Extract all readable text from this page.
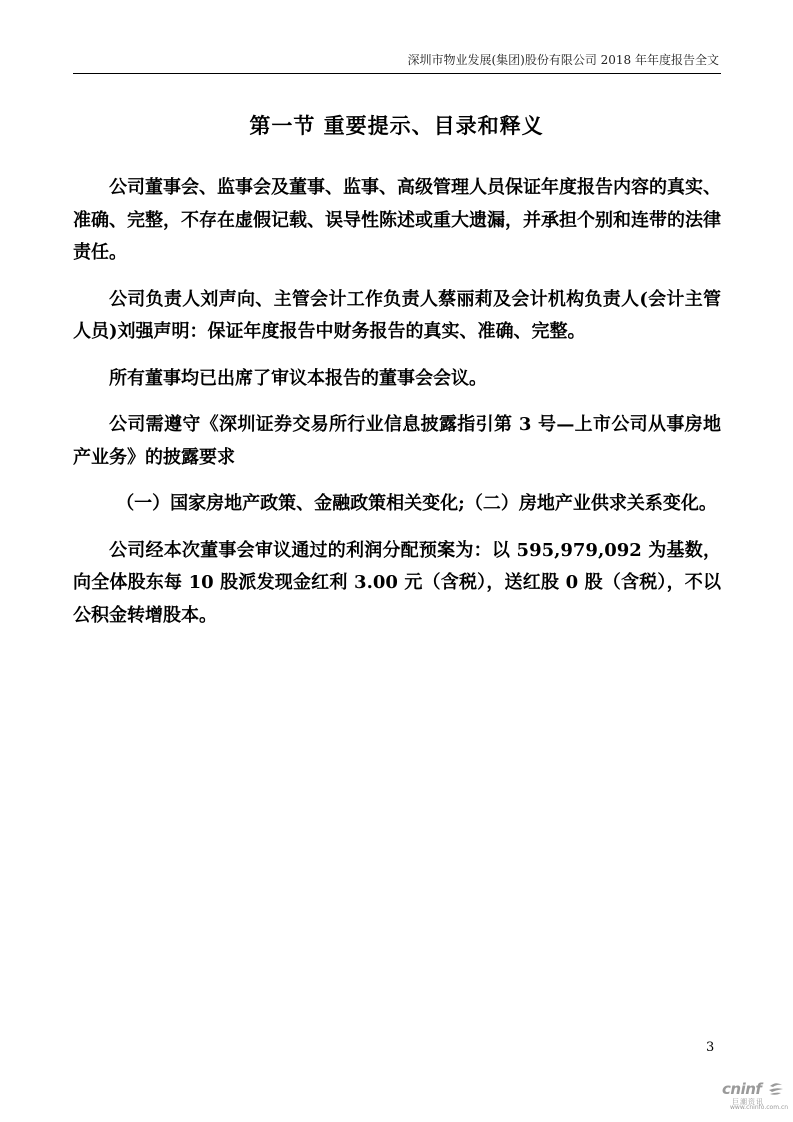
深圳市物业发展(集团)股份有限公司 2018 年年度报告全文
第一节 重要提示、目录和释义

公司董事会、监事会及董事、监事、高级管理人员保证年度报告内容的真实、准确、完整，不存在虚假记载、误导性陈述或重大遗漏，并承担个别和连带的法律责任。

公司负责人刘声向、主管会计工作负责人蔡丽莉及会计机构负责人(会计主管人员)刘强声明：保证年度报告中财务报告的真实、准确、完整。

所有董事均已出席了审议本报告的董事会会议。

公司需遵守《深圳证券交易所行业信息披露指引第 3 号—上市公司从事房地产业务》的披露要求

（一）国家房地产政策、金融政策相关变化;（二）房地产业供求关系变化。

公司经本次董事会审议通过的利润分配预案为：以 595,979,092 为基数，向全体股东每 10 股派发现金红利 3.00 元（含税），送红股 0 股（含税），不以公积金转增股本。

3
cninf
巨潮资讯
www.cninfo.com.cn
